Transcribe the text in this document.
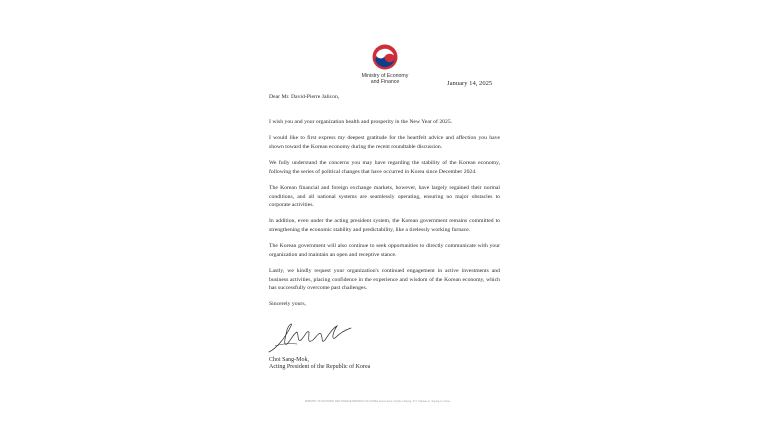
Ministry of Economy
and Finance	January 14, 2025

Dear Mr. David-Pierre Jalicon,

I wish you and your organization health and prosperity in the New Year of 2025.

I would like to first express my deepest gratitude for the heartfelt advice and affection you have shown toward the Korean economy during the recent roundtable discussion.

We fully understand the concerns you may have regarding the stability of the Korean economy, following the series of political changes that have occurred in Korea since December 2024.

The Korean financial and foreign exchange markets, however, have largely regained their normal conditions, and all national systems are seamlessly operating, ensuring no major obstacles to corporate activities.

In addition, even under the acting president system, the Korean government remains committed to strengthening the economic stability and predictability, like a tirelessly working furnace.

The Korean government will also continue to seek opportunities to directly communicate with your organization and maintain an open and receptive stance.

Lastly, we kindly request your organization's continued engagement in active investments and business activities, placing confidence in the experience and wisdom of the Korean economy, which has successfully overcome past challenges.

Sincerely yours,

Choi Sang-Mok,
Acting President of the Republic of Korea
MINISTRY OF ECONOMY AND FINANCE REPUBLIC OF KOREA Government Complex Sejong, 477, Galmae-ro, Sejong-si, Korea
